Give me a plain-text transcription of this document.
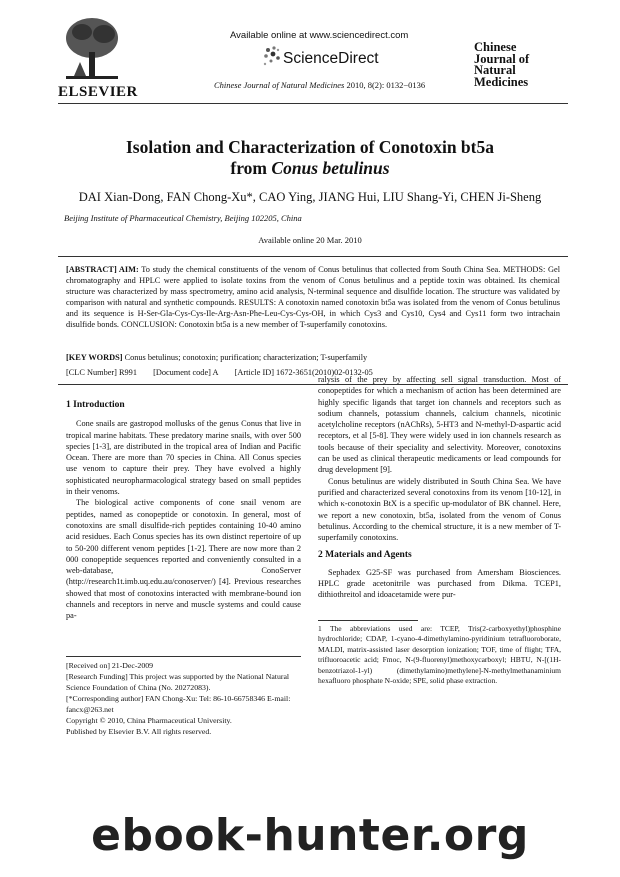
ELSEVIER
Available online at www.sciencedirect.com
ScienceDirect
Chinese Journal of Natural Medicines 2010, 8(2): 0132−0136
Chinese
Journal of
Natural
Medicines
Isolation and Characterization of Conotoxin bt5a
from Conus betulinus
DAI Xian-Dong, FAN Chong-Xu*, CAO Ying, JIANG Hui, LIU Shang-Yi, CHEN Ji-Sheng
Beijing Institute of Pharmaceutical Chemistry, Beijing 102205, China
Available online 20 Mar. 2010
[ABSTRACT] AIM: To study the chemical constituents of the venom of Conus betulinus that collected from South China Sea. METHODS: Gel chromatography and HPLC were applied to isolate toxins from the venom of Conus betulinus and a peptide toxin was obtained. Its chemical structure was characterized by mass spectrometry, amino acid analysis, N-terminal sequence and disulfide location. The structure was validated by comparison with natural and synthetic compounds. RESULTS: A conotoxin named conotoxin bt5a was isolated from the venom of Conus betulinus and its sequence is H-Ser-Gla-Cys-Cys-Ile-Arg-Asn-Phe-Leu-Cys-Cys-OH, in which Cys3 and Cys10, Cys4 and Cys11 form two intrachain disulfide bonds. CONCLUSION: Conotoxin bt5a is a new member of T-superfamily conotoxins.
[KEY WORDS] Conus betulinus; conotoxin; purification; characterization; T-superfamily
[CLC Number] R991 [Document code] A [Article ID] 1672-3651(2010)02-0132-05

1 Introduction

Cone snails are gastropod mollusks of the genus Conus that live in tropical marine habitats. These predatory marine snails, with over 500 species [1-3], are distributed in the tropical area of Indian and Pacific Ocean. There are more than 70 species in China. All Conus species use venom to capture their prey. They have evolved a highly sophisticated neuropharmacological strategy based on small peptides in their venoms.

The biological active components of cone snail venom are peptides, named as conopeptide or conotoxin. In general, most of conotoxins are small disulfide-rich peptides containing 10-40 amino acid residues. Each Conus species has its own distinct repertoire of up to 50-200 different venom peptides [1-2]. There are now more than 2 000 conopeptide sequences reported and conveniently consulted in a web-database, ConoServer (http://research1t.imb.uq.edu.au/conoserver/) [4]. Previous researches showed that most of conotoxins interacted with membrane-bound ion channels and receptors in nerve and muscle systems and could cause pa-

[Received on] 21-Dec-2009
[Research Funding] This project was supported by the National Natural Science Foundation of China (No. 20272083).
[*Corresponding author] FAN Chong-Xu: Tel: 86-10-66758346 E-mail: fancx@263.net
Copyright © 2010, China Pharmaceutical University.
Published by Elsevier B.V. All rights reserved.

ralysis of the prey by affecting sell signal transduction. Most of conopeptides for which a mechanism of action has been determined are highly specific ligands that target ion channels and receptors such as sodium channels, potassium channels, calcium channels, nicotinic acetylcholine receptors (nAChRs), 5-HT3 and N-methyl-D-aspartic acid receptors, et al [5-8]. They were widely used in ion channels research as tools because of their speciality and selectivity. Moreover, conotoxins can be used as clinical therapeutic medicaments or lead compounds for drug development [9].

Conus betulinus are widely distributed in South China Sea. We have purified and characterized several conotoxins from its venom [10-12], in which κ-conotoxin BtX is a specific up-modulator of BK channel. Here, we report a new conotoxin, bt5a, isolated from the venom of Conus betulinus. According to the chemical structure, it is a new member of T-superfamily conotoxins.

2 Materials and Agents

Sephadex G25-SF was purchased from Amersham Biosciences. HPLC grade acetonitrile was purchased from Dikma. TCEP1, dithiothreitol and idoacetamide were pur-

1 The abbreviations used are: TCEP, Tris(2-carboxyethyl)phosphine hydrochloride; CDAP, 1-cyano-4-dimethylamino-pyridinium tetrafluoroborate, MALDI, matrix-assisted laser desorption ionization; TOF, time of flight; TFA, trifluoroacetic acid; Fmoc, N-(9-fluorenyl)methoxycarboxyl; HBTU, N-[(1H-benzotriazol-1-yl) (dimethylamino)methylene]-N-methylmethanaminium hexafluoro phosphate N-oxide; SPE, solid phase extraction.
ebook-hunter.org
